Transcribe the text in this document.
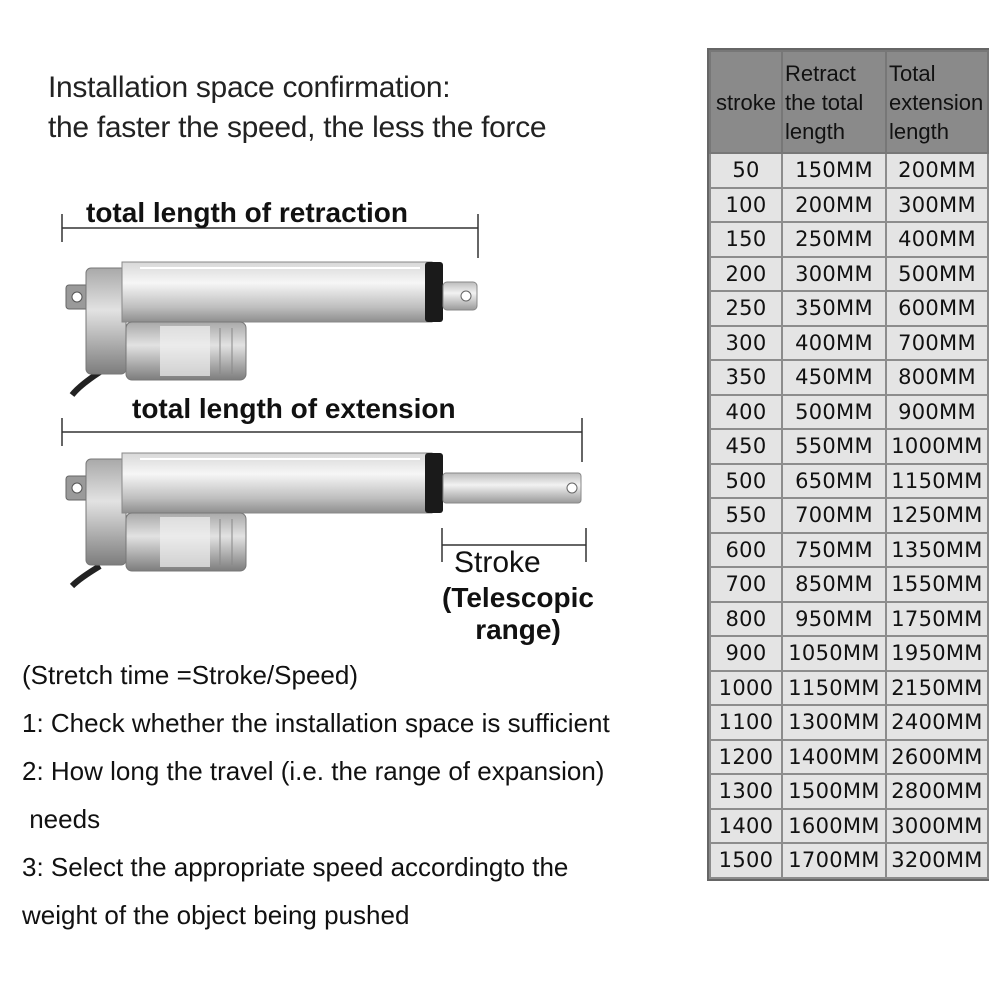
Installation space confirmation:
the faster the speed, the less the force
total length of retraction
total length of extension
Stroke
(Telescopic
range)
(Stretch time =Stroke/Speed)
1: Check whether the installation space is sufficient
2: How long the travel (i.e. the range of expansion)
needs
3: Select the appropriate speed accordingto the
weight of the object being pushed
stroke	Retract the total length	Total extension length
50	150MM	200MM
100	200MM	300MM
150	250MM	400MM
200	300MM	500MM
250	350MM	600MM
300	400MM	700MM
350	450MM	800MM
400	500MM	900MM
450	550MM	1000MM
500	650MM	1150MM
550	700MM	1250MM
600	750MM	1350MM
700	850MM	1550MM
800	950MM	1750MM
900	1050MM	1950MM
1000	1150MM	2150MM
1100	1300MM	2400MM
1200	1400MM	2600MM
1300	1500MM	2800MM
1400	1600MM	3000MM
1500	1700MM	3200MM
